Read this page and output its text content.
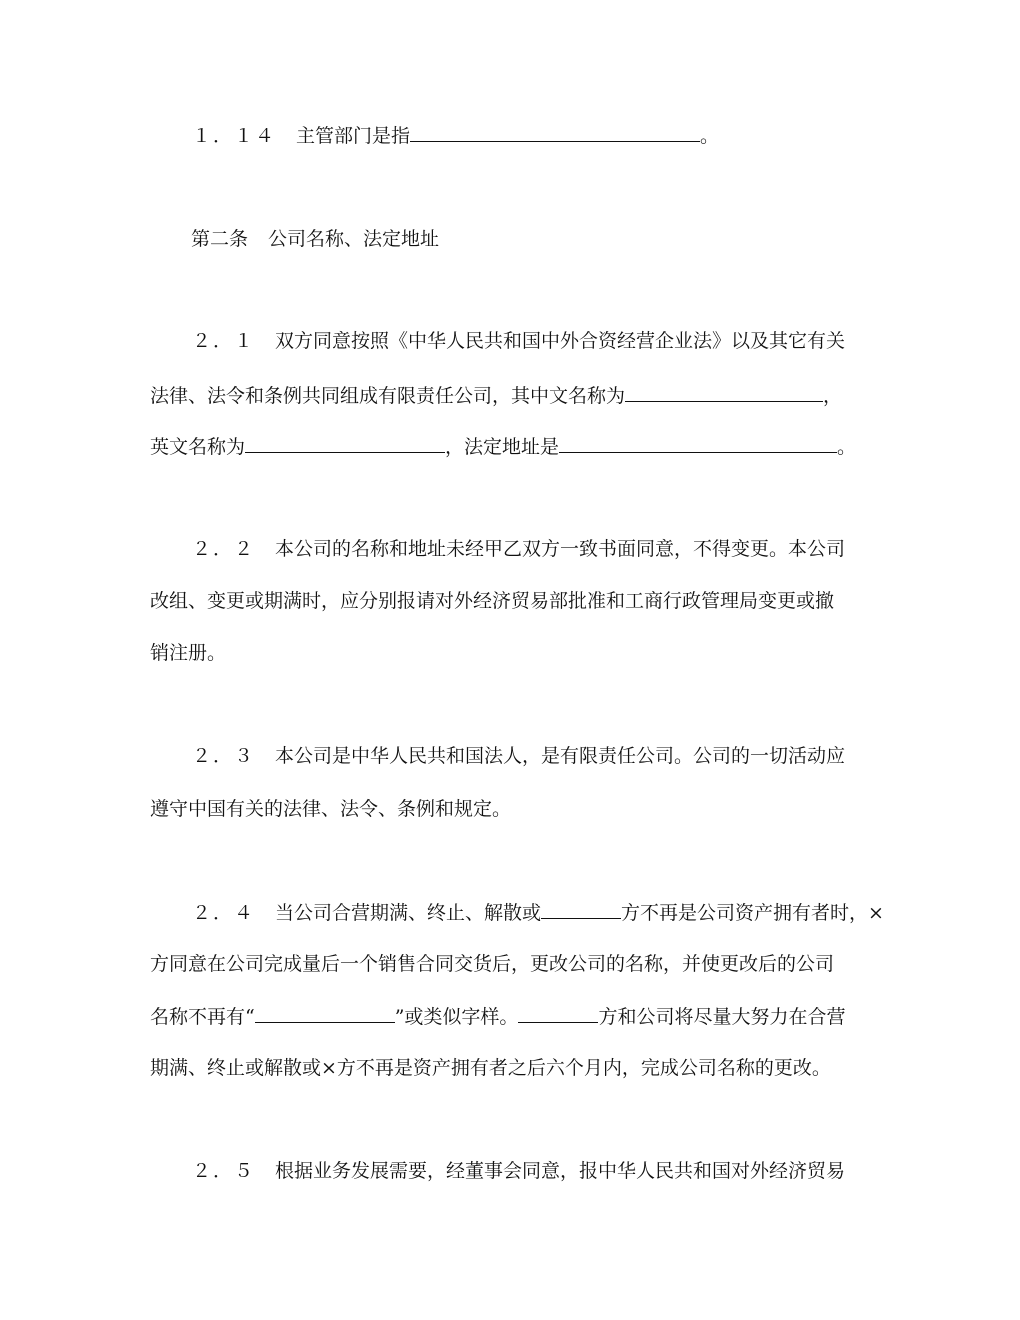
１．１４ 主管部门是指	。
第二条 公司名称、法定地址
２．１ 双方同意按照《中华人民共和国中外合资经营企业法》以及其它有关
法律、法令和条例共同组成有限责任公司，其中文名称为	，
英文名称为	，法定地址是	。
２．２ 本公司的名称和地址未经甲乙双方一致书面同意，不得变更。本公司
改组、变更或期满时，应分别报请对外经济贸易部批准和工商行政管理局变更或撤
销注册。
２．３ 本公司是中华人民共和国法人，是有限责任公司。公司的一切活动应
遵守中国有关的法律、法令、条例和规定。
２．４ 当公司合营期满、终止、解散或	方不再是公司资产拥有者时，×
方同意在公司完成量后一个销售合同交货后，更改公司的名称，并使更改后的公司
名称不再有“	”或类似字样。	方和公司将尽量大努力在合营
期满、终止或解散或×方不再是资产拥有者之后六个月内，完成公司名称的更改。
２．５ 根据业务发展需要，经董事会同意，报中华人民共和国对外经济贸易
